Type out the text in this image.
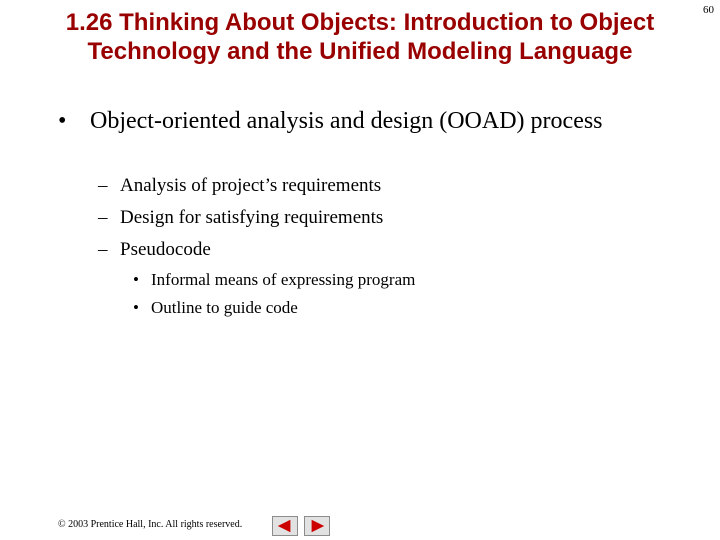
60
1.26 Thinking About Objects: Introduction to Object Technology and the Unified Modeling Language
• Object-oriented analysis and design (OOAD) process
– Analysis of project’s requirements
– Design for satisfying requirements
– Pseudocode
• Informal means of expressing program
• Outline to guide code
© 2003 Prentice Hall, Inc. All rights reserved.
